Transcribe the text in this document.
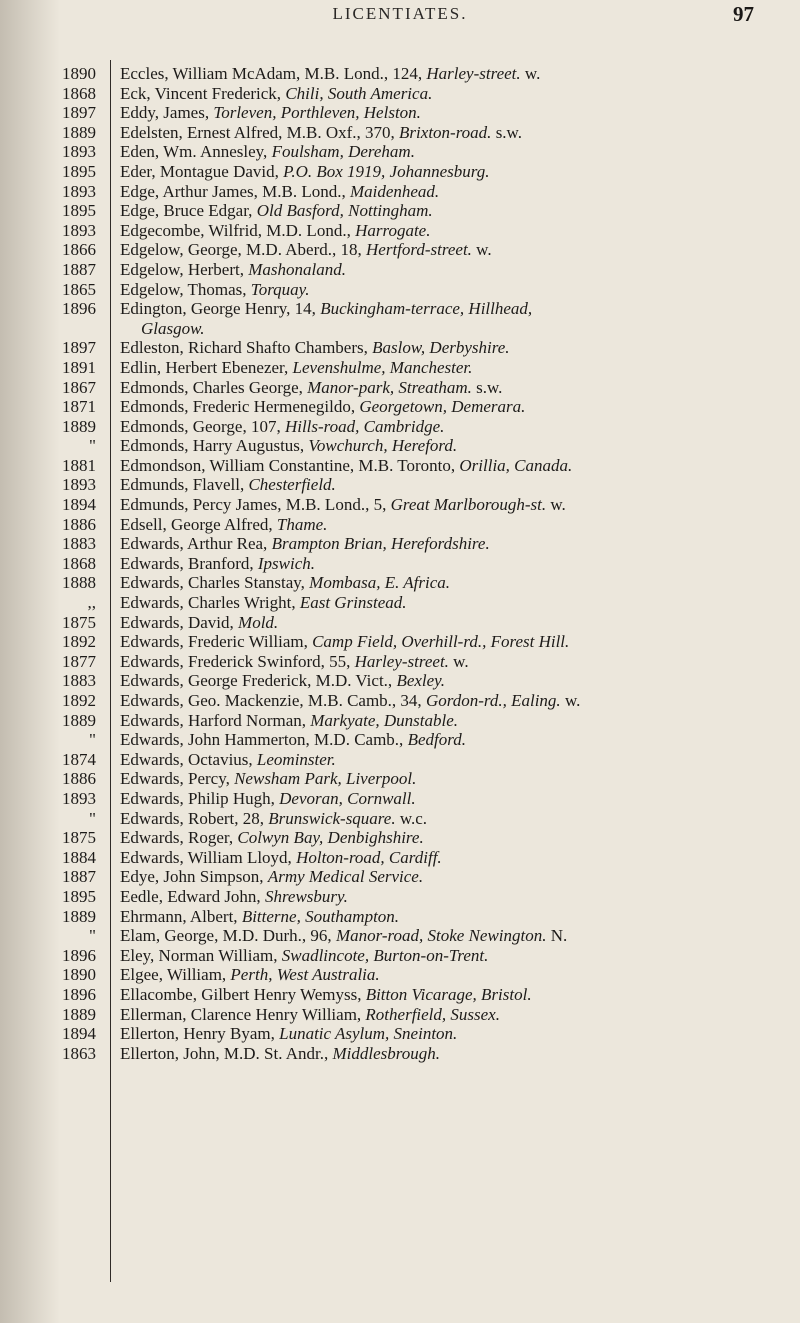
LICENTIATES.	97
1890 Eccles, William McAdam, M.B. Lond., 124, Harley-street. w.
1868 Eck, Vincent Frederick, Chili, South America.
1897 Eddy, James, Torleven, Porthleven, Helston.
1889 Edelsten, Ernest Alfred, M.B. Oxf., 370, Brixton-road. s.w.
1893 Eden, Wm. Annesley, Foulsham, Dereham.
1895 Eder, Montague David, P.O. Box 1919, Johannesburg.
1893 Edge, Arthur James, M.B. Lond., Maidenhead.
1895 Edge, Bruce Edgar, Old Basford, Nottingham.
1893 Edgecombe, Wilfrid, M.D. Lond., Harrogate.
1866 Edgelow, George, M.D. Aberd., 18, Hertford-street. w.
1887 Edgelow, Herbert, Mashonaland.
1865 Edgelow, Thomas, Torquay.
1896 Edington, George Henry, 14, Buckingham-terrace, Hillhead,
Glasgow.
1897 Edleston, Richard Shafto Chambers, Baslow, Derbyshire.
1891 Edlin, Herbert Ebenezer, Levenshulme, Manchester.
1867 Edmonds, Charles George, Manor-park, Streatham. s.w.
1871 Edmonds, Frederic Hermenegildo, Georgetown, Demerara.
1889 Edmonds, George, 107, Hills-road, Cambridge.
" Edmonds, Harry Augustus, Vowchurch, Hereford.
1881 Edmondson, William Constantine, M.B. Toronto, Orillia, Canada.
1893 Edmunds, Flavell, Chesterfield.
1894 Edmunds, Percy James, M.B. Lond., 5, Great Marlborough-st. w.
1886 Edsell, George Alfred, Thame.
1883 Edwards, Arthur Rea, Brampton Brian, Herefordshire.
1868 Edwards, Branford, Ipswich.
1888 Edwards, Charles Stanstay, Mombasa, E. Africa.
,, Edwards, Charles Wright, East Grinstead.
1875 Edwards, David, Mold.
1892 Edwards, Frederic William, Camp Field, Overhill-rd., Forest Hill.
1877 Edwards, Frederick Swinford, 55, Harley-street. w.
1883 Edwards, George Frederick, M.D. Vict., Bexley.
1892 Edwards, Geo. Mackenzie, M.B. Camb., 34, Gordon-rd., Ealing. w.
1889 Edwards, Harford Norman, Markyate, Dunstable.
" Edwards, John Hammerton, M.D. Camb., Bedford.
1874 Edwards, Octavius, Leominster.
1886 Edwards, Percy, Newsham Park, Liverpool.
1893 Edwards, Philip Hugh, Devoran, Cornwall.
" Edwards, Robert, 28, Brunswick-square. w.c.
1875 Edwards, Roger, Colwyn Bay, Denbighshire.
1884 Edwards, William Lloyd, Holton-road, Cardiff.
1887 Edye, John Simpson, Army Medical Service.
1895 Eedle, Edward John, Shrewsbury.
1889 Ehrmann, Albert, Bitterne, Southampton.
" Elam, George, M.D. Durh., 96, Manor-road, Stoke Newington. N.
1896 Eley, Norman William, Swadlincote, Burton-on-Trent.
1890 Elgee, William, Perth, West Australia.
1896 Ellacombe, Gilbert Henry Wemyss, Bitton Vicarage, Bristol.
1889 Ellerman, Clarence Henry William, Rotherfield, Sussex.
1894 Ellerton, Henry Byam, Lunatic Asylum, Sneinton.
1863 Ellerton, John, M.D. St. Andr., Middlesbrough.
